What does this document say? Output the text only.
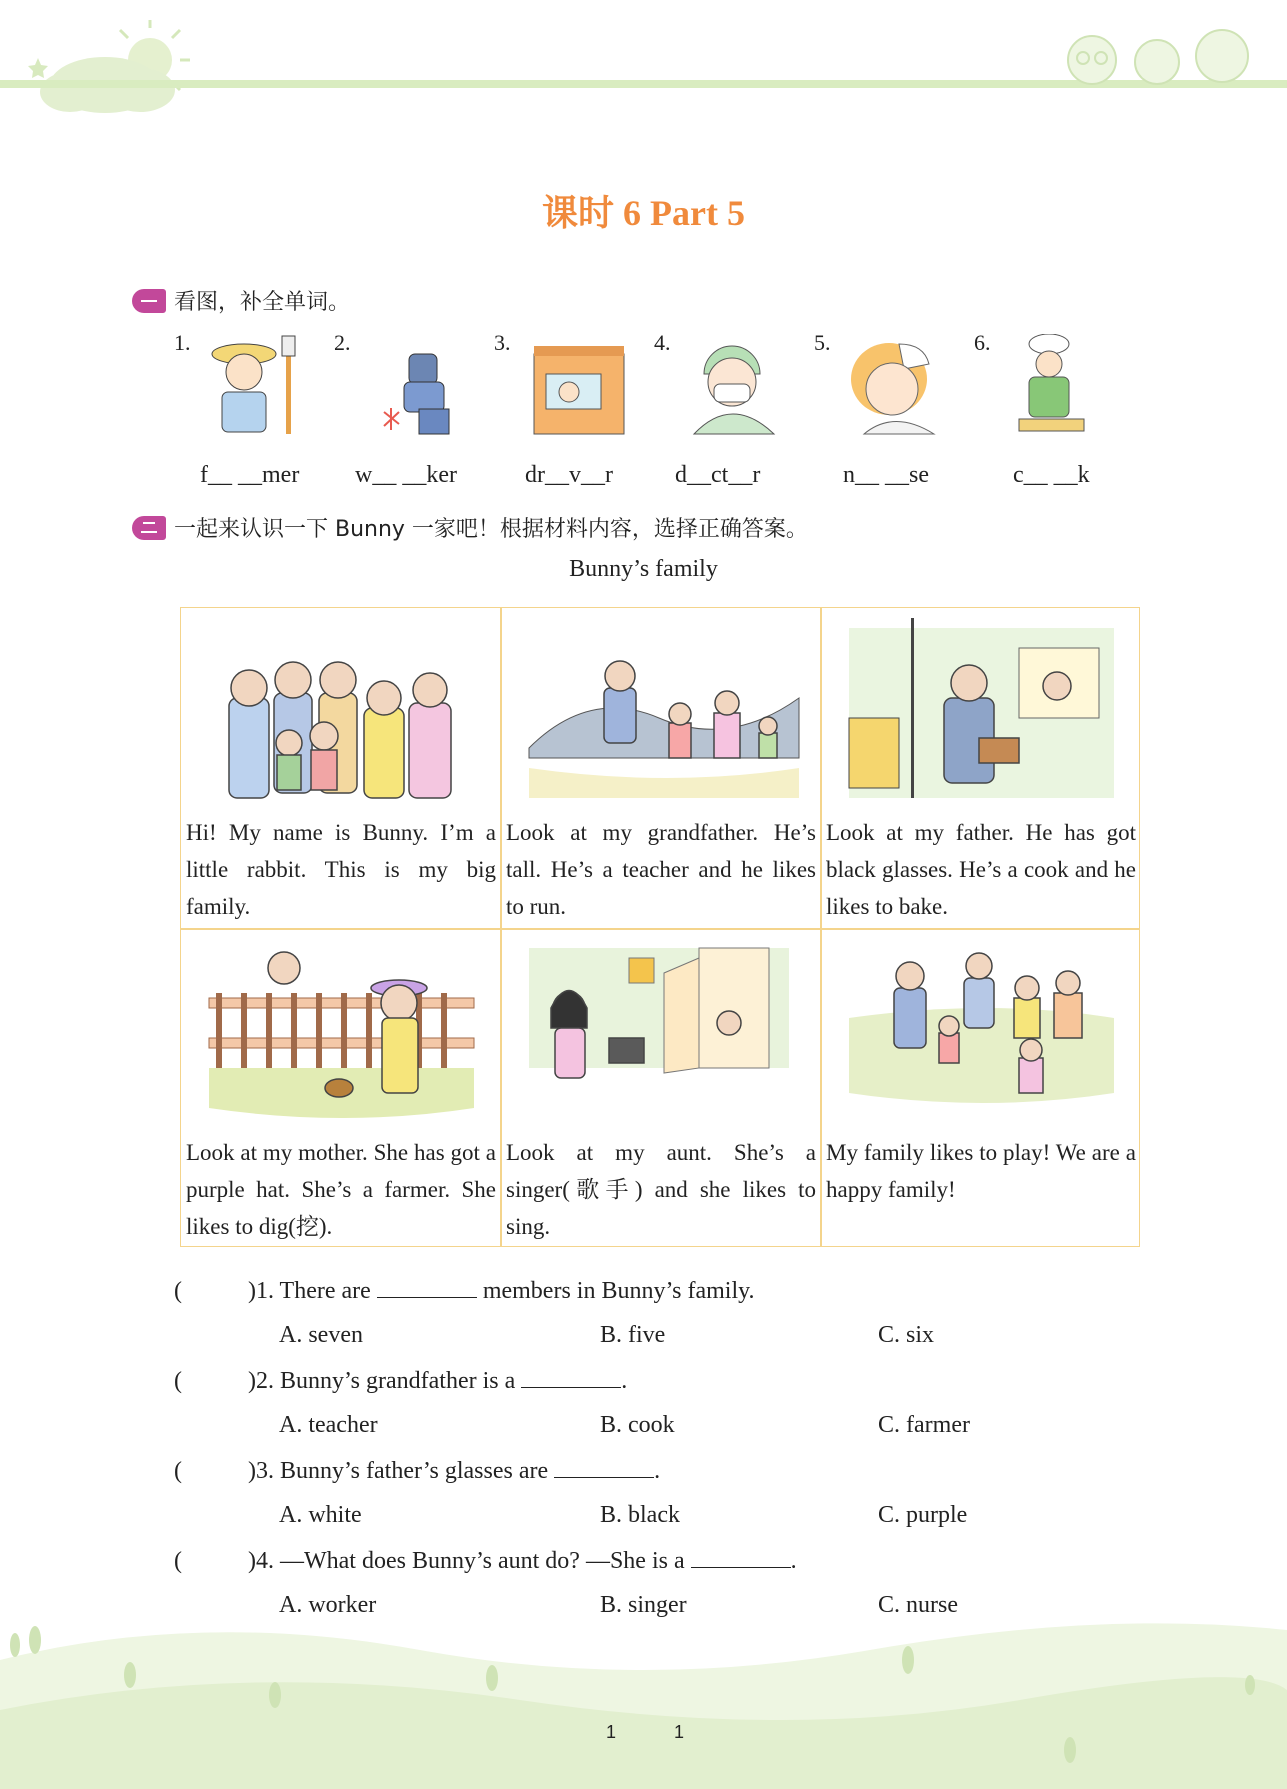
课时 6 Part 5
看图，补全单词。
1.	2.	3.	4.	5.	6.
f__ __mer w__ __ker	dr__v__r	d__ct__r	n__ __se	c__ __k
一起来认识一下 Bunny 一家吧！根据材料内容，选择正确答案。
Bunny’s family
Hi! My name is Bunny. I’m a little rabbit. This is my big family.
Look at my grandfather. He’s tall. He’s a teacher and he likes to run.
Look at my father. He has got black glasses. He’s a cook and he likes to bake.
Look at my mother. She has got a purple hat. She’s a farmer. She likes to dig(挖).
Look at my aunt. She’s a singer(歌手) and she likes to sing.
My family likes to play! We are a happy family!
(	)1. There are	members in Bunny’s family.
A. seven	B. five	C. six
(	)2. Bunny’s grandfather is a	.
A. teacher	B. cook	C. farmer
(	)3. Bunny’s father’s glasses are	.
A. white	B. black	C. purple
(	)4. —What does Bunny’s aunt do? —She is a	.
A. worker	B. singer	C. nurse
1	1
